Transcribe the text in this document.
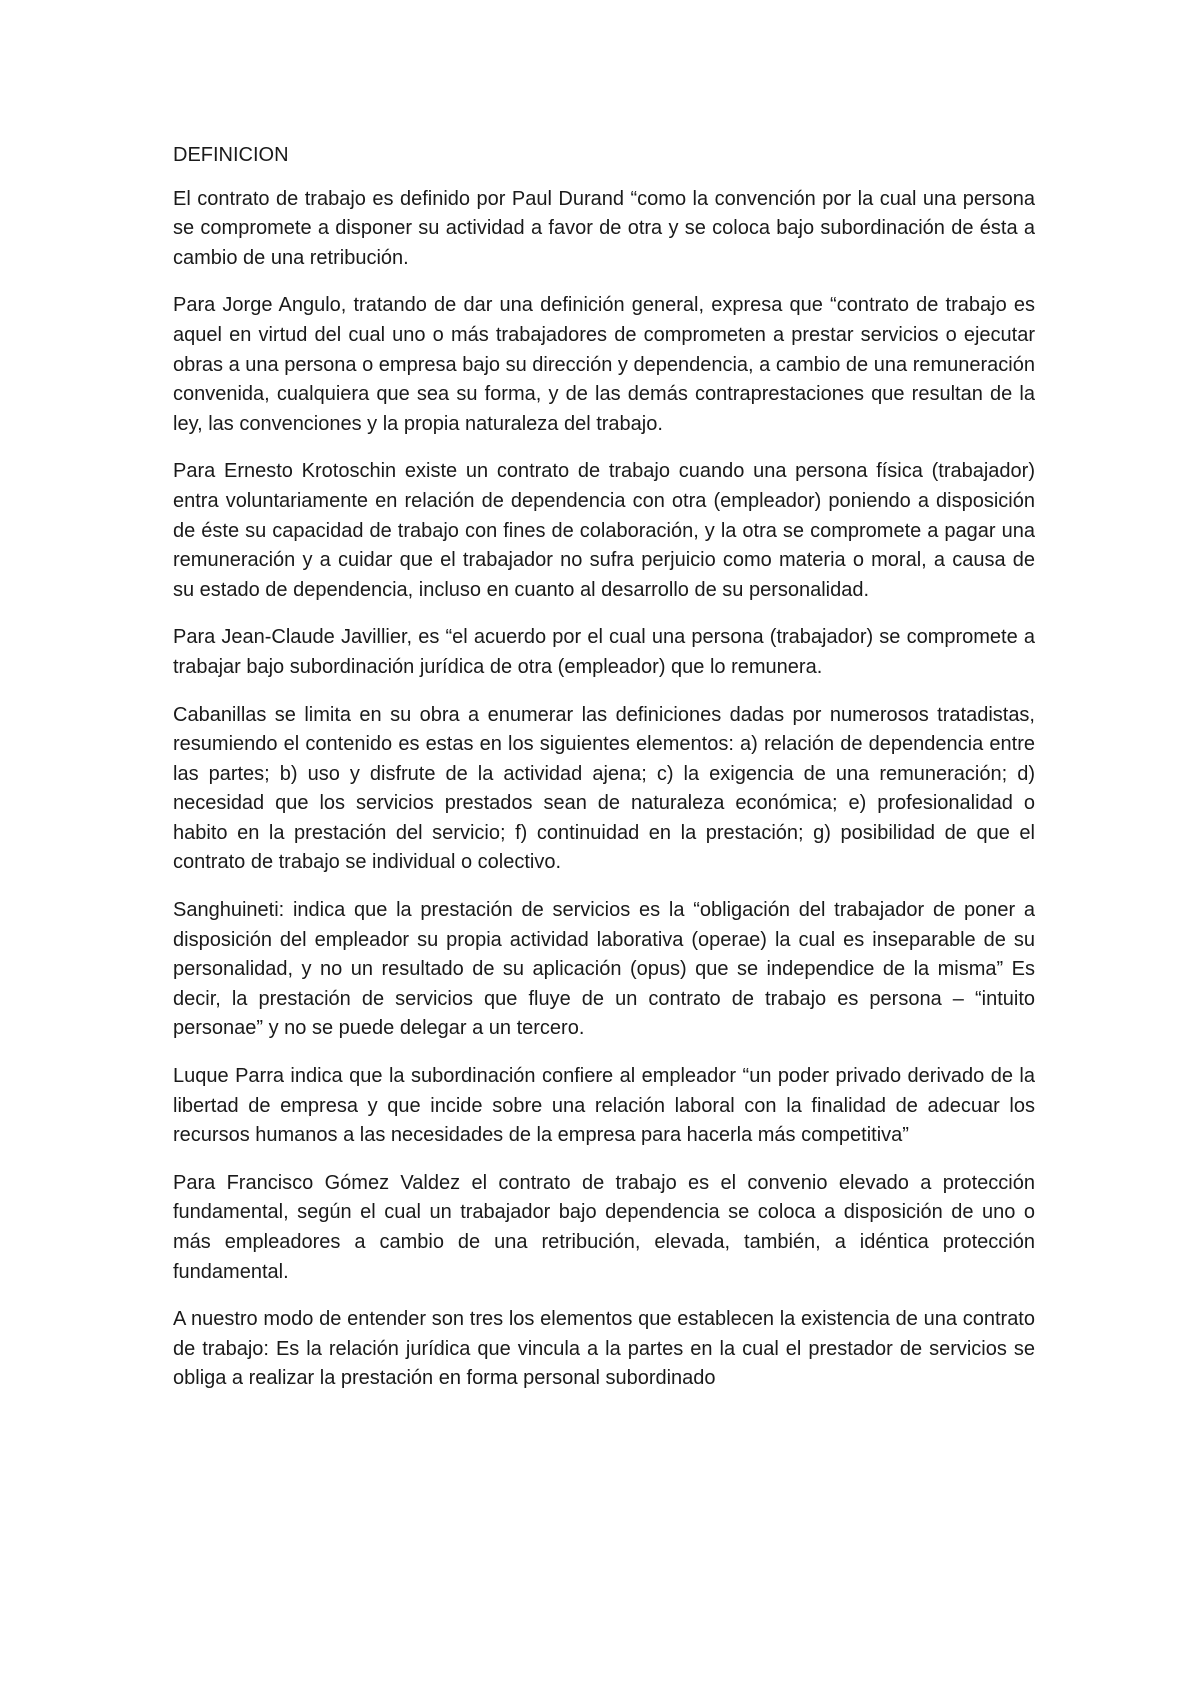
DEFINICION

El contrato de trabajo es definido por Paul Durand “como la convención por la cual una persona se compromete a disponer su actividad a favor de otra y se coloca bajo subordinación de ésta a cambio de una retribución.

Para Jorge Angulo, tratando de dar una definición general, expresa que “contrato de trabajo es aquel en virtud del cual uno o más trabajadores de comprometen a prestar servicios o ejecutar obras a una persona o empresa bajo su dirección y dependencia, a cambio de una remuneración convenida, cualquiera que sea su forma, y de las demás contraprestaciones que resultan de la ley, las convenciones y la propia naturaleza del trabajo.

Para Ernesto Krotoschin existe un contrato de trabajo cuando una persona física (trabajador) entra voluntariamente en relación de dependencia con otra (empleador) poniendo a disposición de éste su capacidad de trabajo con fines de colaboración, y la otra se compromete a pagar una remuneración y a cuidar que el trabajador no sufra perjuicio como materia o moral, a causa de su estado de dependencia, incluso en cuanto al desarrollo de su personalidad.

Para Jean-Claude Javillier, es “el acuerdo por el cual una persona (trabajador) se compromete a trabajar bajo subordinación jurídica de otra (empleador) que lo remunera.

Cabanillas se limita en su obra a enumerar las definiciones dadas por numerosos tratadistas, resumiendo el contenido es estas en los siguientes elementos: a) relación de dependencia entre las partes; b) uso y disfrute de la actividad ajena; c) la exigencia de una remuneración; d) necesidad que los servicios prestados sean de naturaleza económica; e) profesionalidad o habito en la prestación del servicio; f) continuidad en la prestación; g) posibilidad de que el contrato de trabajo se individual o colectivo.

Sanghuineti: indica que la prestación de servicios es la “obligación del trabajador de poner a disposición del empleador su propia actividad laborativa (operae) la cual es inseparable de su personalidad, y no un resultado de su aplicación (opus) que se independice de la misma” Es decir, la prestación de servicios que fluye de un contrato de trabajo es persona – “intuito personae” y no se puede delegar a un tercero.

Luque Parra indica que la subordinación confiere al empleador “un poder privado derivado de la libertad de empresa y que incide sobre una relación laboral con la finalidad de adecuar los recursos humanos a las necesidades de la empresa para hacerla más competitiva”

Para Francisco Gómez Valdez el contrato de trabajo es el convenio elevado a protección fundamental, según el cual un trabajador bajo dependencia se coloca a disposición de uno o más empleadores a cambio de una retribución, elevada, también, a idéntica protección fundamental.

A nuestro modo de entender son tres los elementos que establecen la existencia de una contrato de trabajo: Es la relación jurídica que vincula a la partes en la cual el prestador de servicios se obliga a realizar la prestación en forma personal subordinado
